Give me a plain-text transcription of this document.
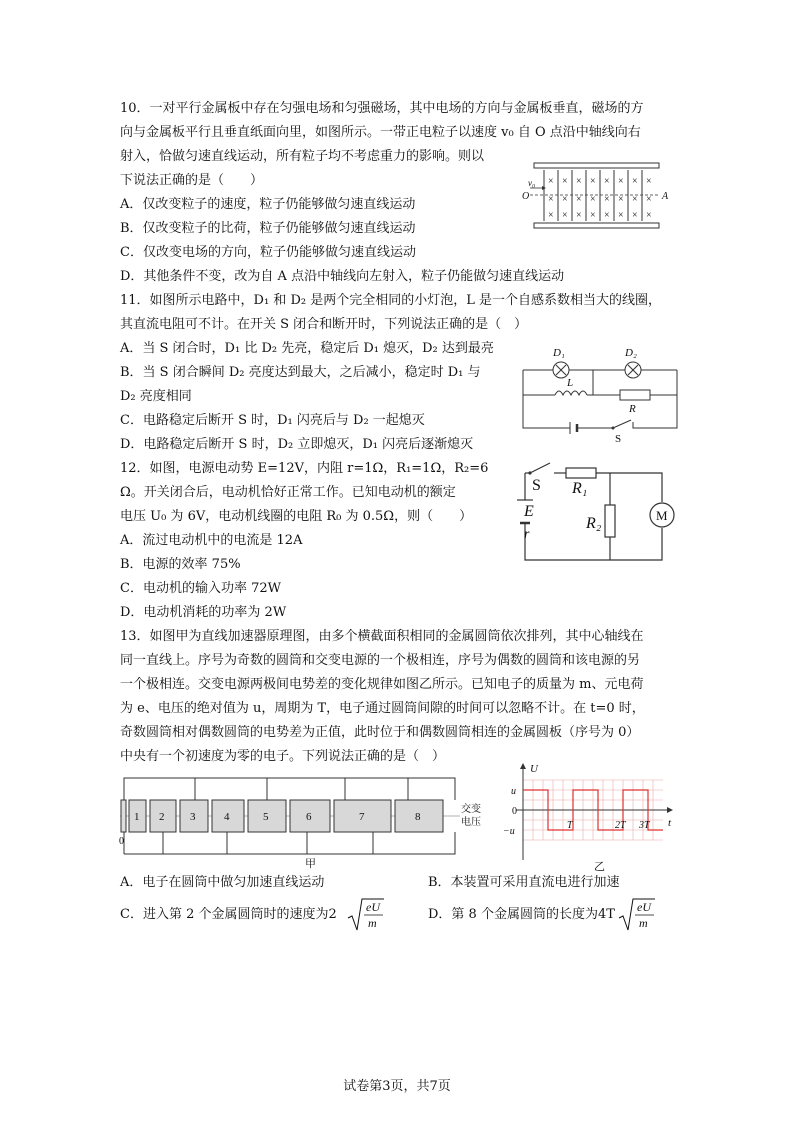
10．一对平行金属板中存在匀强电场和匀强磁场，其中电场的方向与金属板垂直，磁场的方
向与金属板平行且垂直纸面向里，如图所示。一带正电粒子以速度 v₀ 自 O 点沿中轴线向右
射入，恰做匀速直线运动，所有粒子均不考虑重力的影响。则以
下说法正确的是（　　）
A．仅改变粒子的速度，粒子仍能够做匀速直线运动
B．仅改变粒子的比荷，粒子仍能够做匀速直线运动
C．仅改变电场的方向，粒子仍能够做匀速直线运动
D．其他条件不变，改为自 A 点沿中轴线向左射入，粒子仍能做匀速直线运动
× × × × × × × ×
× × × × × × × ×
× × × × × × × ×
v₀
O	A
11．如图所示电路中，D₁ 和 D₂ 是两个完全相同的小灯泡，L 是一个自感系数相当大的线圈，
其直流电阻可不计。在开关 S 闭合和断开时，下列说法正确的是（　）
A．当 S 闭合时，D₁ 比 D₂ 先亮，稳定后 D₁ 熄灭，D₂ 达到最亮
B．当 S 闭合瞬间 D₂ 亮度达到最大，之后减小，稳定时 D₁ 与
D₂ 亮度相同
C．电路稳定后断开 S 时，D₁ 闪亮后与 D₂ 一起熄灭
D．电路稳定后断开 S 时，D₂ 立即熄灭，D₁ 闪亮后逐渐熄灭
D₁	D₂
L
R
S
12．如图，电源电动势 E=12V，内阻 r=1Ω，R₁=1Ω，R₂=6
Ω。开关闭合后，电动机恰好正常工作。已知电动机的额定
电压 U₀ 为 6V，电动机线圈的电阻 R₀ 为 0.5Ω，则（　　）
A．流过电动机中的电流是 12A
B．电源的效率 75%
C．电动机的输入功率 72W
D．电动机消耗的功率为 2W
M
S R₁
R₂
E
r
13．如图甲为直线加速器原理图，由多个横截面积相同的金属圆筒依次排列，其中心轴线在
同一直线上。序号为奇数的圆筒和交变电源的一个极相连，序号为偶数的圆筒和该电源的另
一个极相连。交变电源两极间电势差的变化规律如图乙所示。已知电子的质量为 m、元电荷
为 e、电压的绝对值为 u，周期为 T，电子通过圆筒间隙的时间可以忽略不计。在 t=0 时，
奇数圆筒相对偶数圆筒的电势差为正值，此时位于和偶数圆筒相连的金属圆板（序号为 0）
中央有一个初速度为零的电子。下列说法正确的是（　）
1 2 3	4	5	6	7	8
0
交变
电压
甲
U
t
u
0
−u
T	2T 3T
乙
A．电子在圆筒中做匀加速直线运动	B．本装置可采用直流电进行加速
C．进入第 2 个金属圆筒时的速度为2 eU
m
D．第 8 个金属圆筒的长度为4T eU
m
试卷第3页，共7页
